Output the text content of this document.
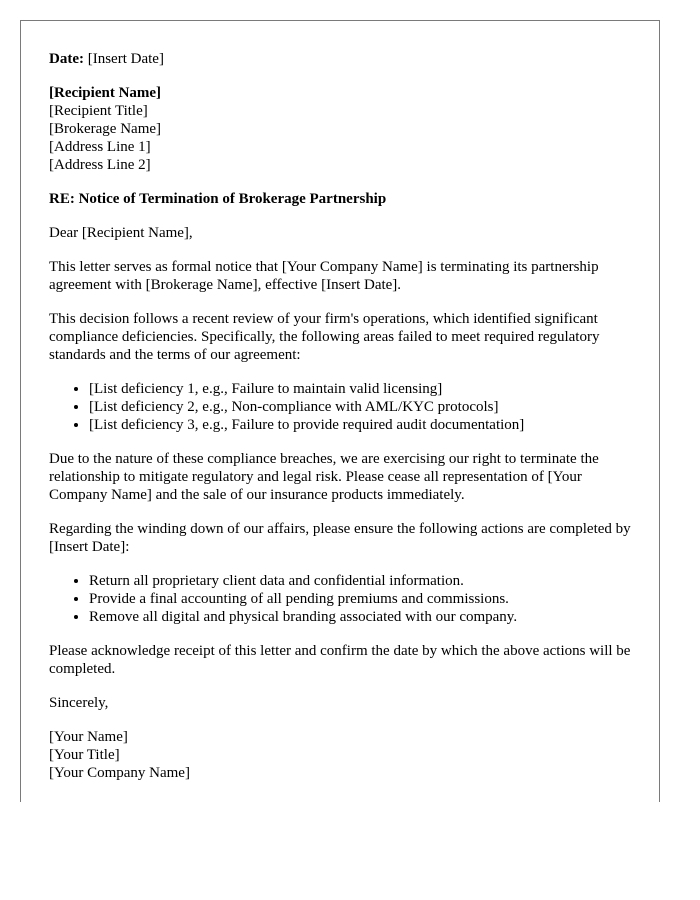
Date: [Insert Date]
[Recipient Name]
[Recipient Title]
[Brokerage Name]
[Address Line 1]
[Address Line 2]

RE: Notice of Termination of Brokerage Partnership

Dear [Recipient Name],

This letter serves as formal notice that [Your Company Name] is terminating its partnership agreement with [Brokerage Name], effective [Insert Date].

This decision follows a recent review of your firm's operations, which identified significant compliance deficiencies. Specifically, the following areas failed to meet required regulatory standards and the terms of our agreement:

• [List deficiency 1, e.g., Failure to maintain valid licensing]
• [List deficiency 2, e.g., Non-compliance with AML/KYC protocols]
• [List deficiency 3, e.g., Failure to provide required audit documentation]

Due to the nature of these compliance breaches, we are exercising our right to terminate the relationship to mitigate regulatory and legal risk. Please cease all representation of [Your Company Name] and the sale of our insurance products immediately.

Regarding the winding down of our affairs, please ensure the following actions are completed by [Insert Date]:

• Return all proprietary client data and confidential information.
• Provide a final accounting of all pending premiums and commissions.
• Remove all digital and physical branding associated with our company.

Please acknowledge receipt of this letter and confirm the date by which the above actions will be completed.

Sincerely,

[Your Name]
[Your Title]
[Your Company Name]
